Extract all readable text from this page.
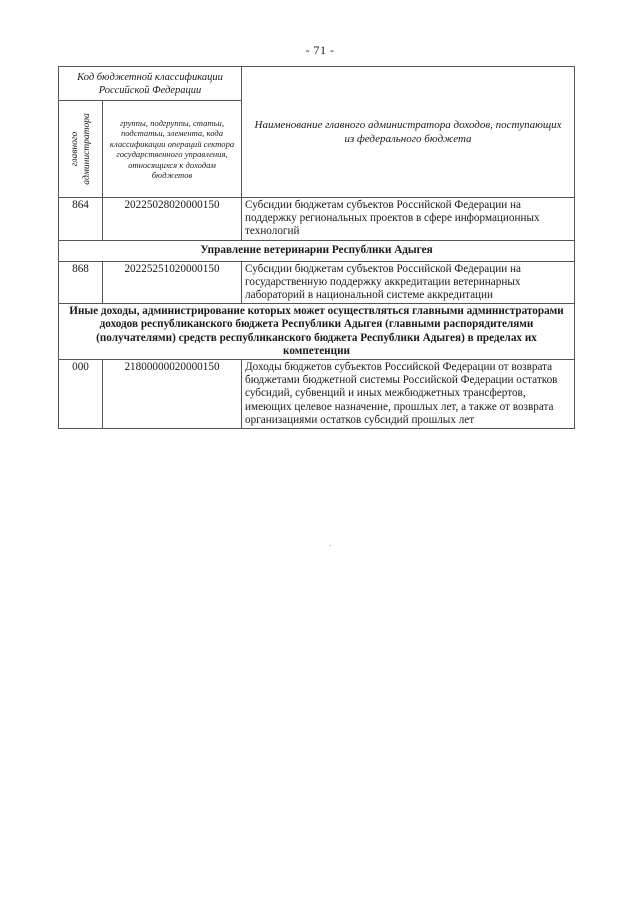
- 71 -
Код бюджетной классификации Российской Федерации		Наименование главного администратора доходов, поступающих из федерального бюджета

главного администратора	группы, подгруппы, статьи, подстатьи, элемента, кода классификации операций сектора государственного управления, относящихся к доходам бюджетов	
864	20225028020000150	Субсидии бюджетам субъектов Российской Федерации на поддержку региональных проектов в сфере информационных технологий
Управление ветеринарии Республики Адыгея		
868	20225251020000150	Субсидии бюджетам субъектов Российской Федерации на государственную поддержку аккредитации ветеринарных лабораторий в национальной системе аккредитации
Иные доходы, администрирование которых может осуществляться главными администраторами доходов республиканского бюджета Республики Адыгея (главными распорядителями (получателями) средств республиканского бюджета Республики Адыгея) в пределах их компетенции		
000	21800000020000150	Доходы бюджетов субъектов Российской Федерации от возврата бюджетами бюджетной системы Российской Федерации остатков субсидий, субвенций и иных межбюджетных трансфертов, имеющих целевое назначение, прошлых лет, а также от возврата организациями остатков субсидий прошлых лет
